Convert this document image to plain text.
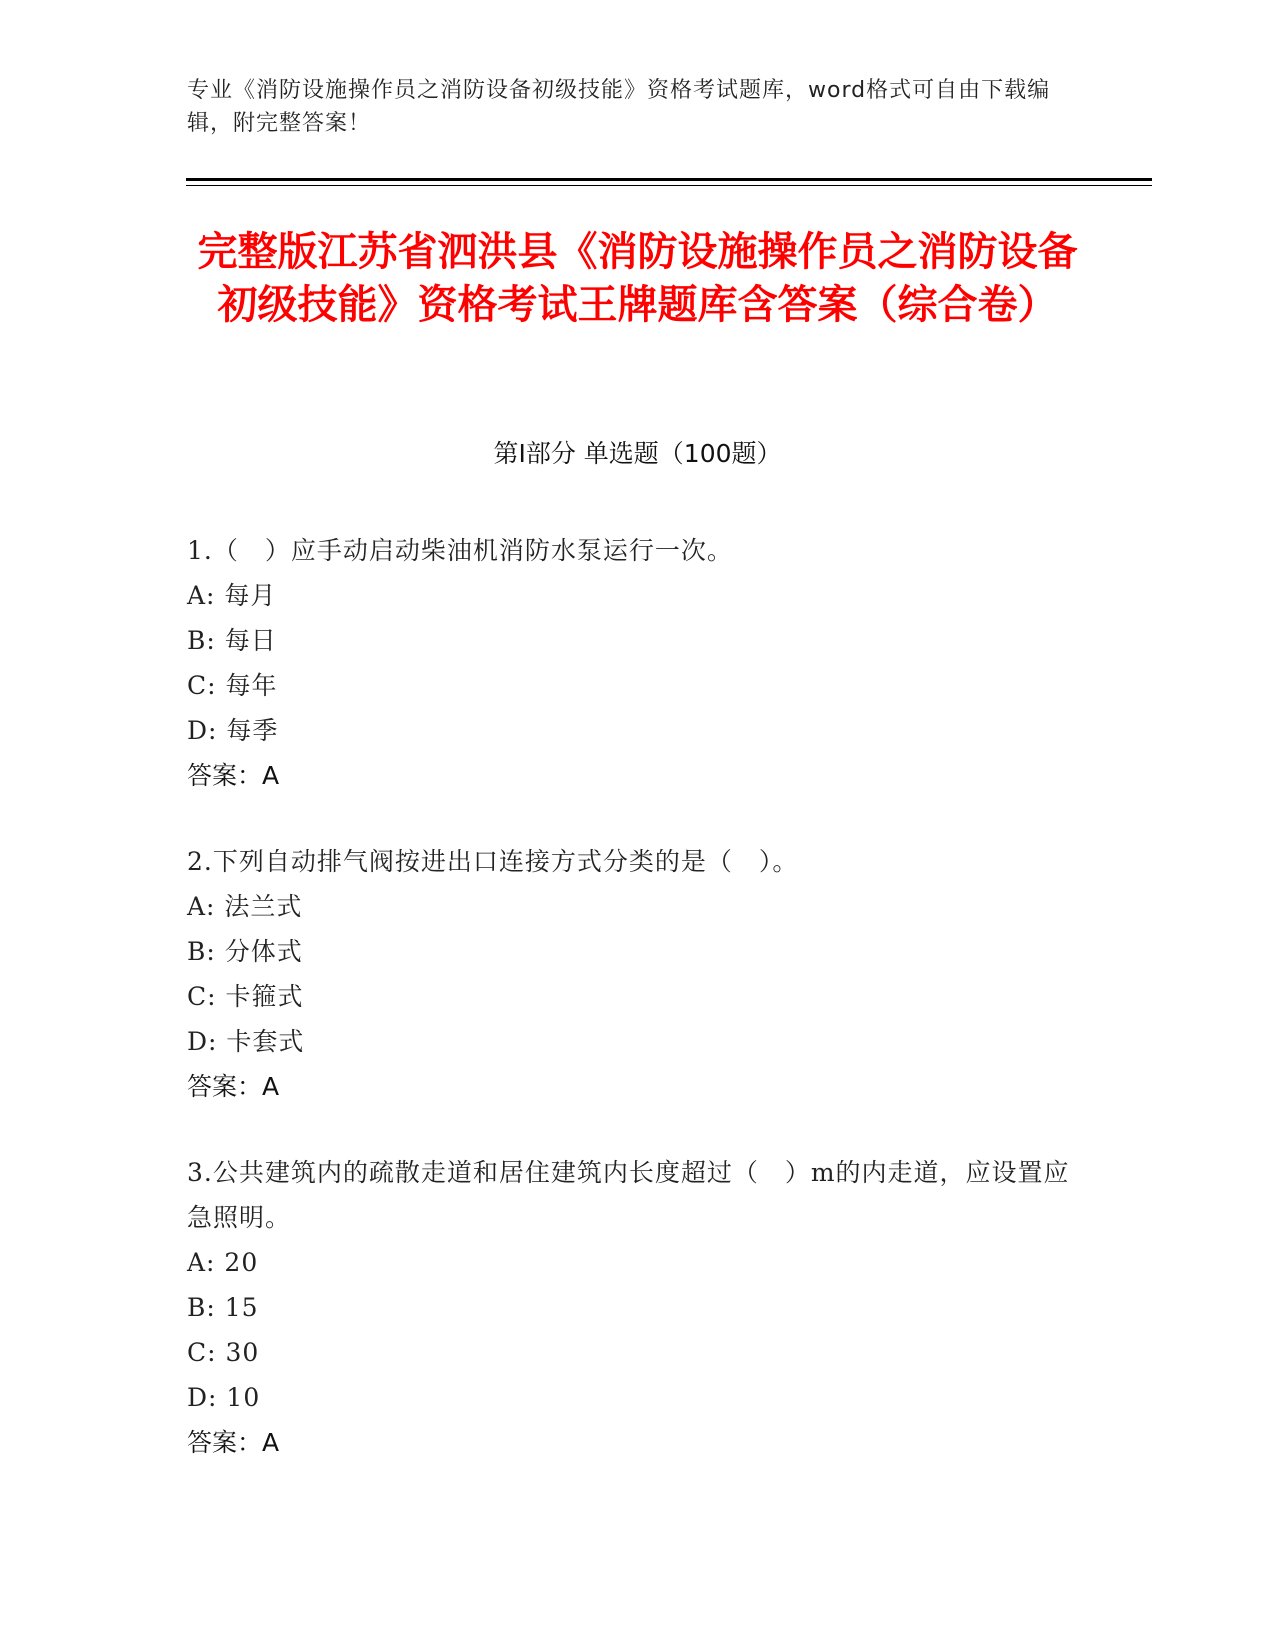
专业《消防设施操作员之消防设备初级技能》资格考试题库，word格式可自由下载编辑，附完整答案！
完整版江苏省泗洪县《消防设施操作员之消防设备初级技能》资格考试王牌题库含答案（综合卷）
第Ⅰ部分 单选题（100题）
1.（　）应手动启动柴油机消防水泵运行一次。
A: 每月
B: 每日
C: 每年
D: 每季
答案：A
2.下列自动排气阀按进出口连接方式分类的是（　）。
A: 法兰式
B: 分体式
C: 卡箍式
D: 卡套式
答案：A
3.公共建筑内的疏散走道和居住建筑内长度超过（　）m的内走道，应设置应急照明。
A: 20
B: 15
C: 30
D: 10
答案：A
